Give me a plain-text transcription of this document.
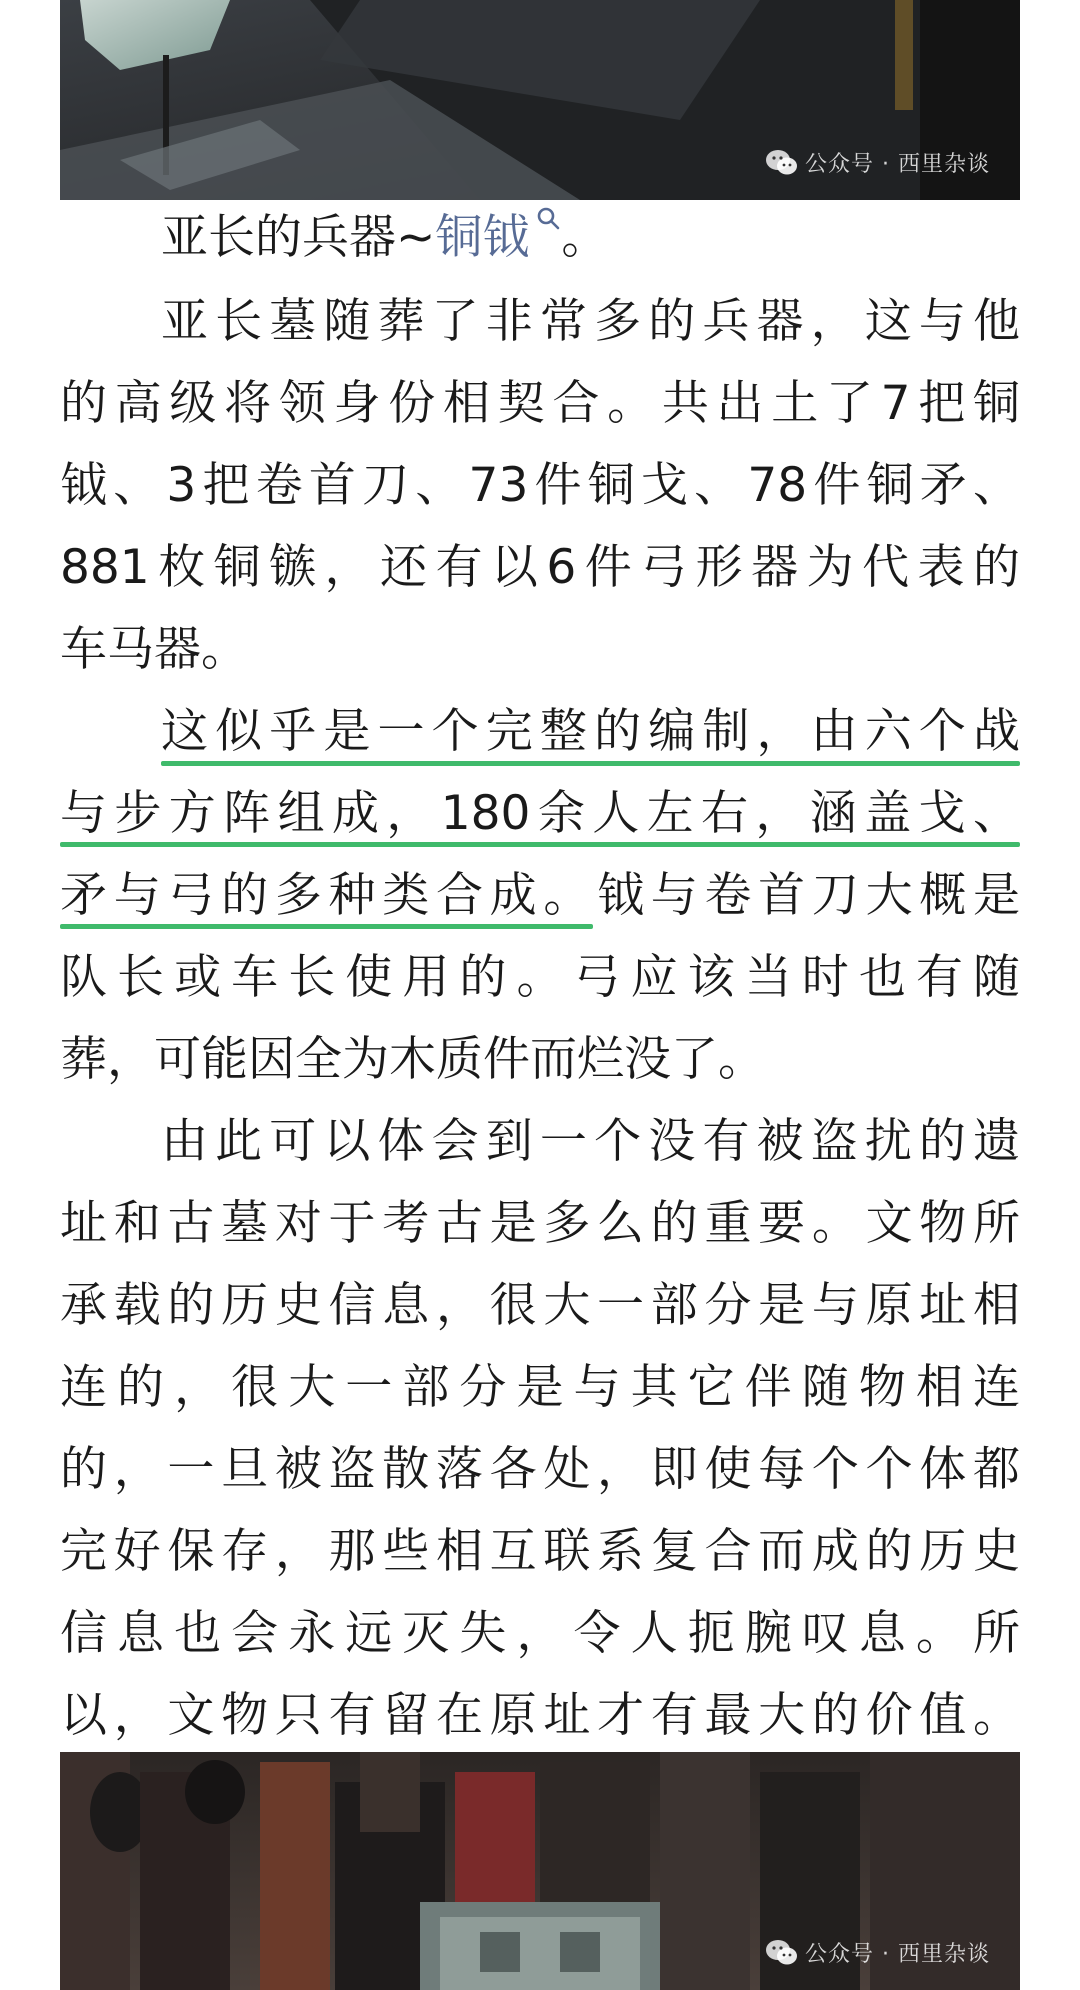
公众号 · 西里杂谈
亚长的兵器~铜钺 。
亚长墓随葬了非常多的兵器，这与他
的高级将领身份相契合。共出土了7把铜
钺、3把卷首刀、73件铜戈、78件铜矛、
881枚铜镞，还有以6件弓形器为代表的
车马器。
这似乎是一个完整的编制，由六个战
与步方阵组成，180余人左右，涵盖戈、
矛与弓的多种类合成。钺与卷首刀大概是
队长或车长使用的。弓应该当时也有随
葬，可能因全为木质件而烂没了。
由此可以体会到一个没有被盗扰的遗
址和古墓对于考古是多么的重要。文物所
承载的历史信息，很大一部分是与原址相
连的，很大一部分是与其它伴随物相连
的，一旦被盗散落各处，即使每个个体都
完好保存，那些相互联系复合而成的历史
信息也会永远灭失，令人扼腕叹息。所
以，文物只有留在原址才有最大的价值。
公众号 · 西里杂谈
